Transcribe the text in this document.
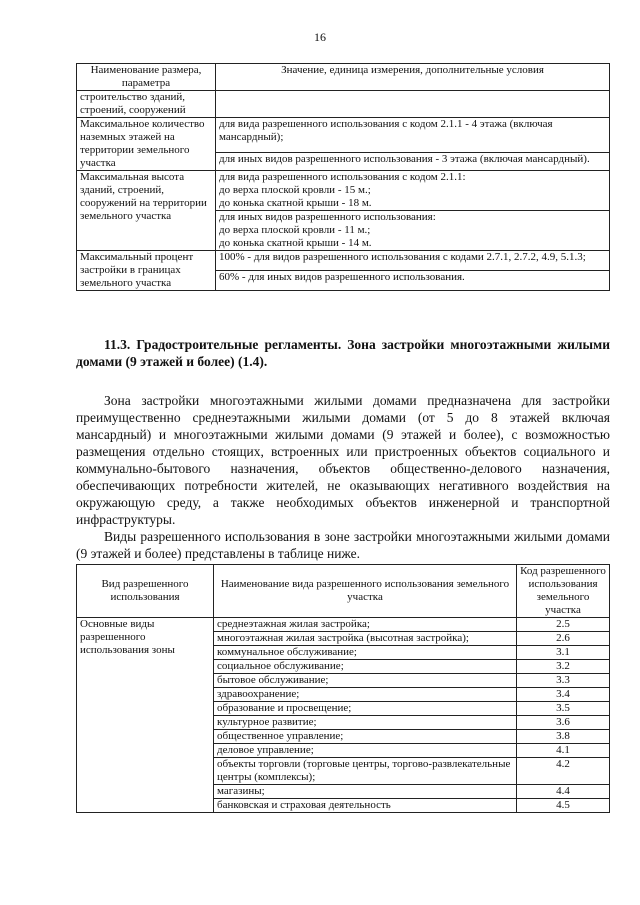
16
Наименование размера, параметра	Значение, единица измерения, дополнительные условия
строительство зданий, строений, сооружений	
Максимальное количество наземных этажей на территории земельного участка	для вида разрешенного использования с кодом 2.1.1 - 4 этажа (включая мансардный);
	для иных видов разрешенного использования - 3 этажа (включая мансардный).
Максимальная высота зданий, строений, сооружений на территории земельного участка	для вида разрешенного использования с кодом 2.1.1:
до верха плоской кровли - 15 м.;
до конька скатной крыши - 18 м.

	для иных видов разрешенного использования:
до верха плоской кровли - 11 м.;
до конька скатной крыши - 14 м.

Максимальный процент застройки в границах земельного участка	100% - для видов разрешенного использования с кодами 2.7.1, 2.7.2, 4.9, 5.1.3;
	60% - для иных видов разрешенного использования.
11.3. Градостроительные регламенты. Зона застройки многоэтажными жилыми домами (9 этажей и более) (1.4).
Зона застройки многоэтажными жилыми домами предназначена для застройки преимущественно среднеэтажными жилыми домами (от 5 до 8 этажей включая мансардный) и многоэтажными жилыми домами (9 этажей и более), с возможностью размещения отдельно стоящих, встроенных или пристроенных объектов социального и коммунально-бытового назначения, объектов общественно-делового назначения, обеспечивающих потребности жителей, не оказывающих негативного воздействия на окружающую среду, а также необходимых объектов инженерной и транспортной инфраструктуры.
Виды разрешенного использования в зоне застройки многоэтажными жилыми домами (9 этажей и более) представлены в таблице ниже.
Вид разрешенного использования	Наименование вида разрешенного использования земельного участка	Код разрешенного использования земельного участка
Основные виды разрешенного использования зоны	среднеэтажная жилая застройка;	2.5
	многоэтажная жилая застройка (высотная застройка);	2.6
	коммунальное обслуживание;	3.1
	социальное обслуживание;	3.2
	бытовое обслуживание;	3.3
	здравоохранение;	3.4
	образование и просвещение;	3.5
	культурное развитие;	3.6
	общественное управление;	3.8
	деловое управление;	4.1
	объекты торговли (торговые центры, торгово-развлекательные центры (комплексы);	4.2
	магазины;	4.4
	банковская и страховая деятельность	4.5
